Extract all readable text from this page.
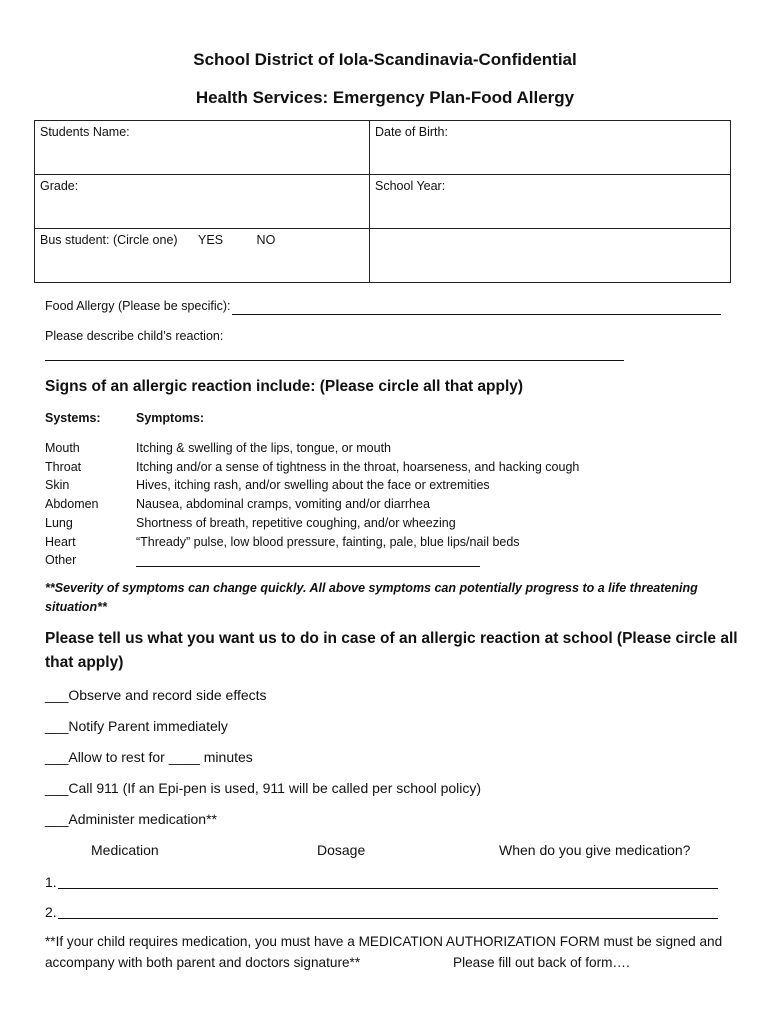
School District of Iola-Scandinavia-Confidential
Health Services: Emergency Plan-Food Allergy
Students Name:	Date of Birth:
Grade:	School Year:
Bus student: (Circle one) YES NO	
Food Allergy (Please be specific):
Please describe child’s reaction:
Signs of an allergic reaction include: (Please circle all that apply)
Systems:	Symptoms:
Mouth	Itching & swelling of the lips, tongue, or mouth
Throat	Itching and/or a sense of tightness in the throat, hoarseness, and hacking cough
Skin	Hives, itching rash, and/or swelling about the face or extremities
Abdomen	Nausea, abdominal cramps, vomiting and/or diarrhea
Lung	Shortness of breath, repetitive coughing, and/or wheezing
Heart	“Thready” pulse, low blood pressure, fainting, pale, blue lips/nail beds
Other
**Severity of symptoms can change quickly. All above symptoms can potentially progress to a life threatening
situation**
Please tell us what you want us to do in case of an allergic reaction at school (Please circle all
that apply)
___Observe and record side effects
___Notify Parent immediately
___Allow to rest for ____ minutes
___Call 911 (If an Epi-pen is used, 911 will be called per school policy)
___Administer medication**
Medication	Dosage	When do you give medication?
1.
2.
**If your child requires medication, you must have a MEDICATION AUTHORIZATION FORM must be signed and
accompany with both parent and doctors signature**	Please fill out back of form….
